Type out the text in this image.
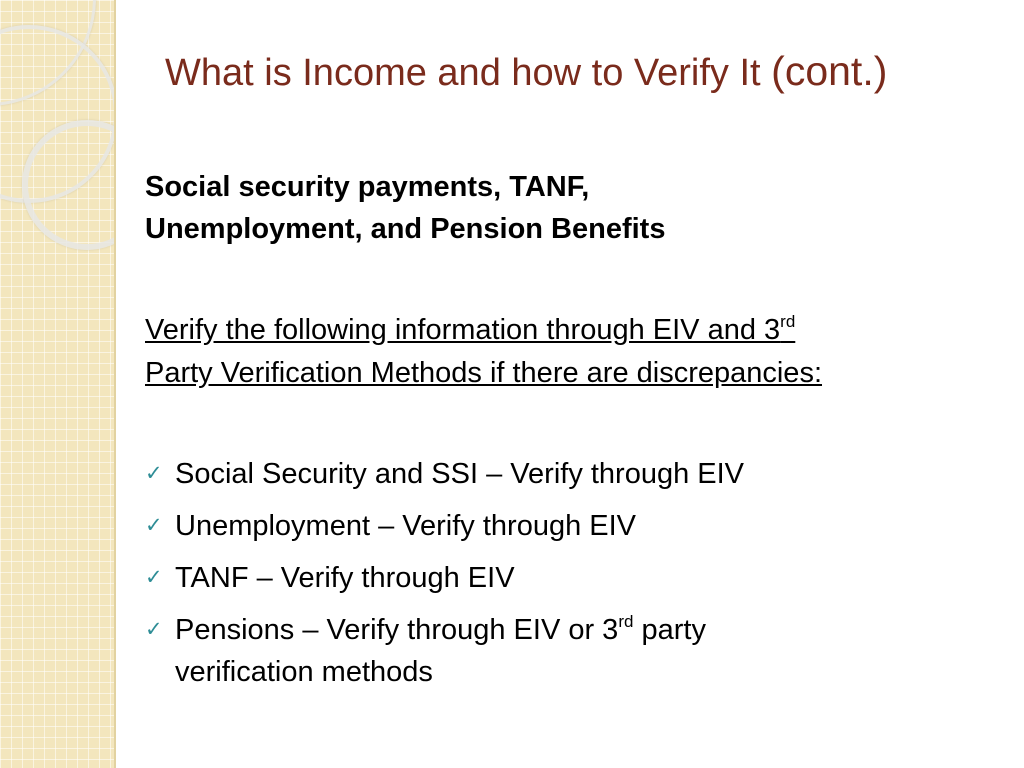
What is Income and how to Verify It (cont.)
Social security payments, TANF,
Unemployment, and Pension Benefits
Verify the following information through EIV and 3rd
Party Verification Methods if there are discrepancies:
✓ Social Security and SSI – Verify through EIV
✓ Unemployment – Verify through EIV
✓ TANF – Verify through EIV
✓ Pensions – Verify through EIV or 3rd party
verification methods
